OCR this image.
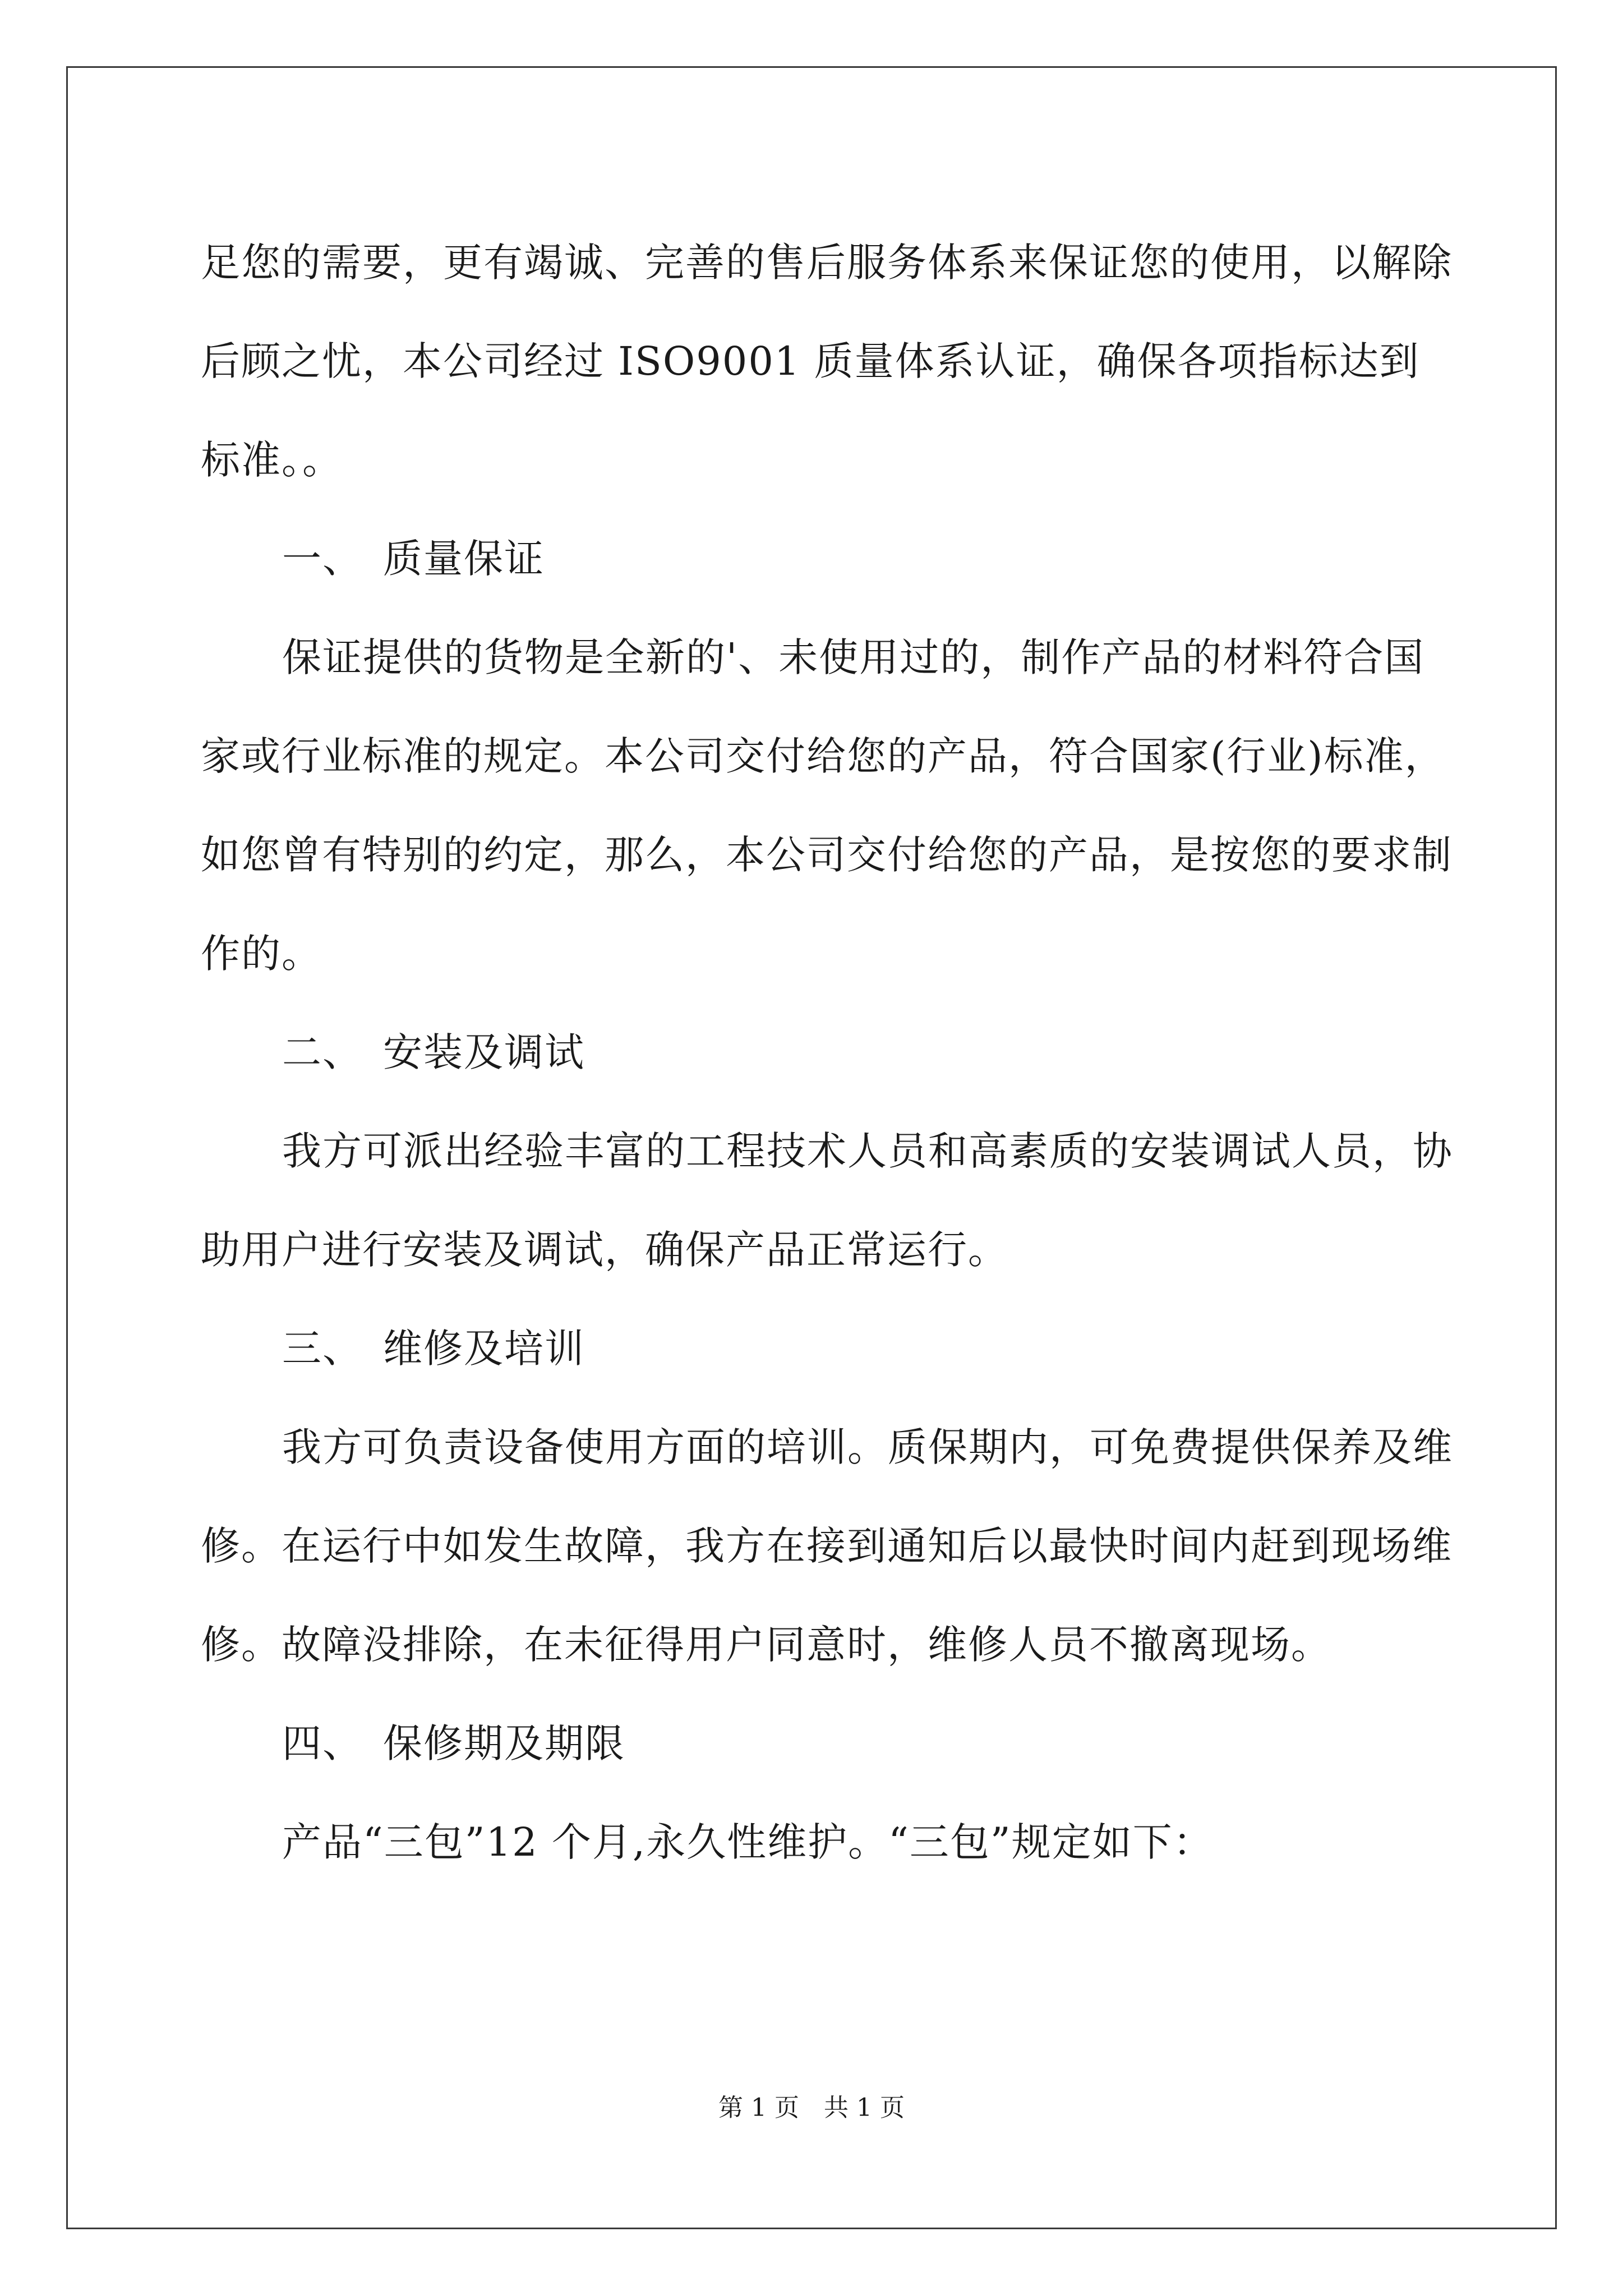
足您的需要，更有竭诚、完善的售后服务体系来保证您的使用，以解除后顾之忧，本公司经过 ISO9001 质量体系认证，确保各项指标达到标准。。

一、 质量保证

保证提供的货物是全新的'、未使用过的，制作产品的材料符合国家或行业标准的规定。本公司交付给您的产品，符合国家(行业)标准，如您曾有特别的约定，那么，本公司交付给您的产品，是按您的要求制作的。

二、 安装及调试

我方可派出经验丰富的工程技术人员和高素质的安装调试人员，协助用户进行安装及调试，确保产品正常运行。

三、 维修及培训

我方可负责设备使用方面的培训。质保期内，可免费提供保养及维修。在运行中如发生故障，我方在接到通知后以最快时间内赶到现场维修。故障没排除，在未征得用户同意时，维修人员不撤离现场。

四、 保修期及期限

产品“三包”12 个月,永久性维护。“三包”规定如下：

第 1 页　共 1 页
